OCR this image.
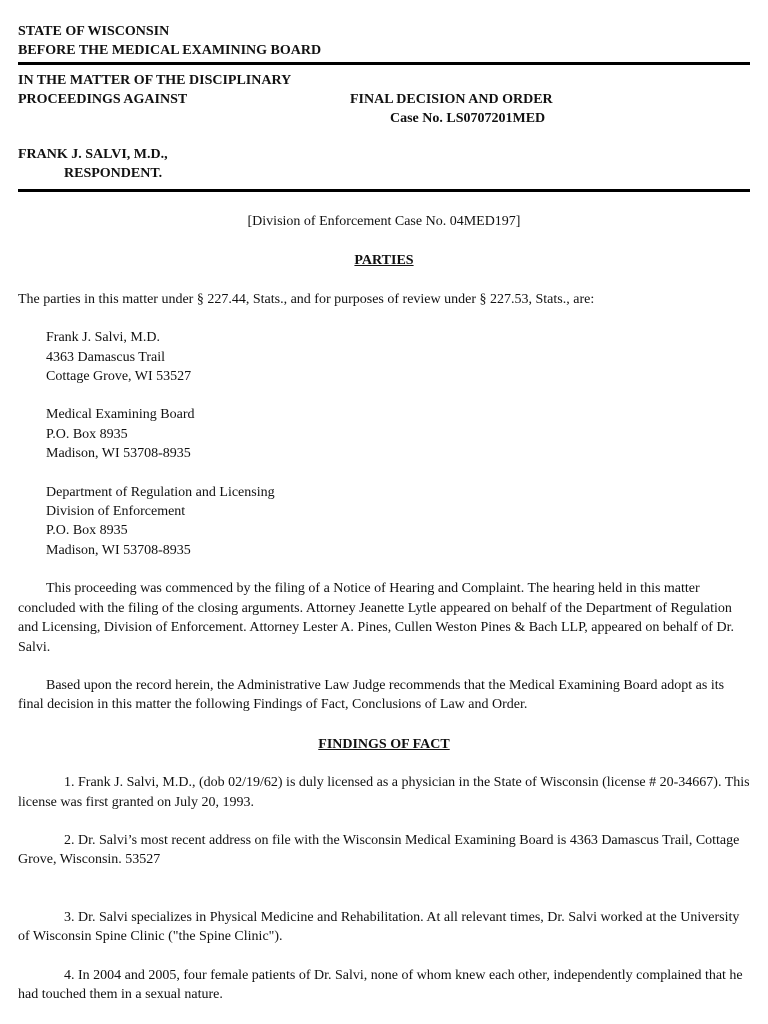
STATE OF WISCONSIN
BEFORE THE MEDICAL EXAMINING BOARD
IN THE MATTER OF THE DISCIPLINARY
PROCEEDINGS AGAINST	FINAL DECISION AND ORDER
Case No. LS0707201MED
FRANK J. SALVI, M.D.,
RESPONDENT.
[Division of Enforcement Case No. 04MED197]
PARTIES

The parties in this matter under § 227.44, Stats., and for purposes of review under § 227.53, Stats., are:

Frank J. Salvi, M.D.
4363 Damascus Trail
Cottage Grove, WI 53527
Medical Examining Board
P.O. Box 8935
Madison, WI 53708-8935
Department of Regulation and Licensing
Division of Enforcement
P.O. Box 8935
Madison, WI 53708-8935

This proceeding was commenced by the filing of a Notice of Hearing and Complaint. The hearing held in this matter concluded with the filing of the closing arguments. Attorney Jeanette Lytle appeared on behalf of the Department of Regulation and Licensing, Division of Enforcement. Attorney Lester A. Pines, Cullen Weston Pines & Bach LLP, appeared on behalf of Dr. Salvi.

Based upon the record herein, the Administrative Law Judge recommends that the Medical Examining Board adopt as its final decision in this matter the following Findings of Fact, Conclusions of Law and Order.

FINDINGS OF FACT

1. Frank J. Salvi, M.D., (dob 02/19/62) is duly licensed as a physician in the State of Wisconsin (license # 20-34667). This license was first granted on July 20, 1993.

2. Dr. Salvi’s most recent address on file with the Wisconsin Medical Examining Board is 4363 Damascus Trail, Cottage Grove, Wisconsin. 53527

3. Dr. Salvi specializes in Physical Medicine and Rehabilitation. At all relevant times, Dr. Salvi worked at the University of Wisconsin Spine Clinic ("the Spine Clinic").

4. In 2004 and 2005, four female patients of Dr. Salvi, none of whom knew each other, independently complained that he had touched them in a sexual nature.
